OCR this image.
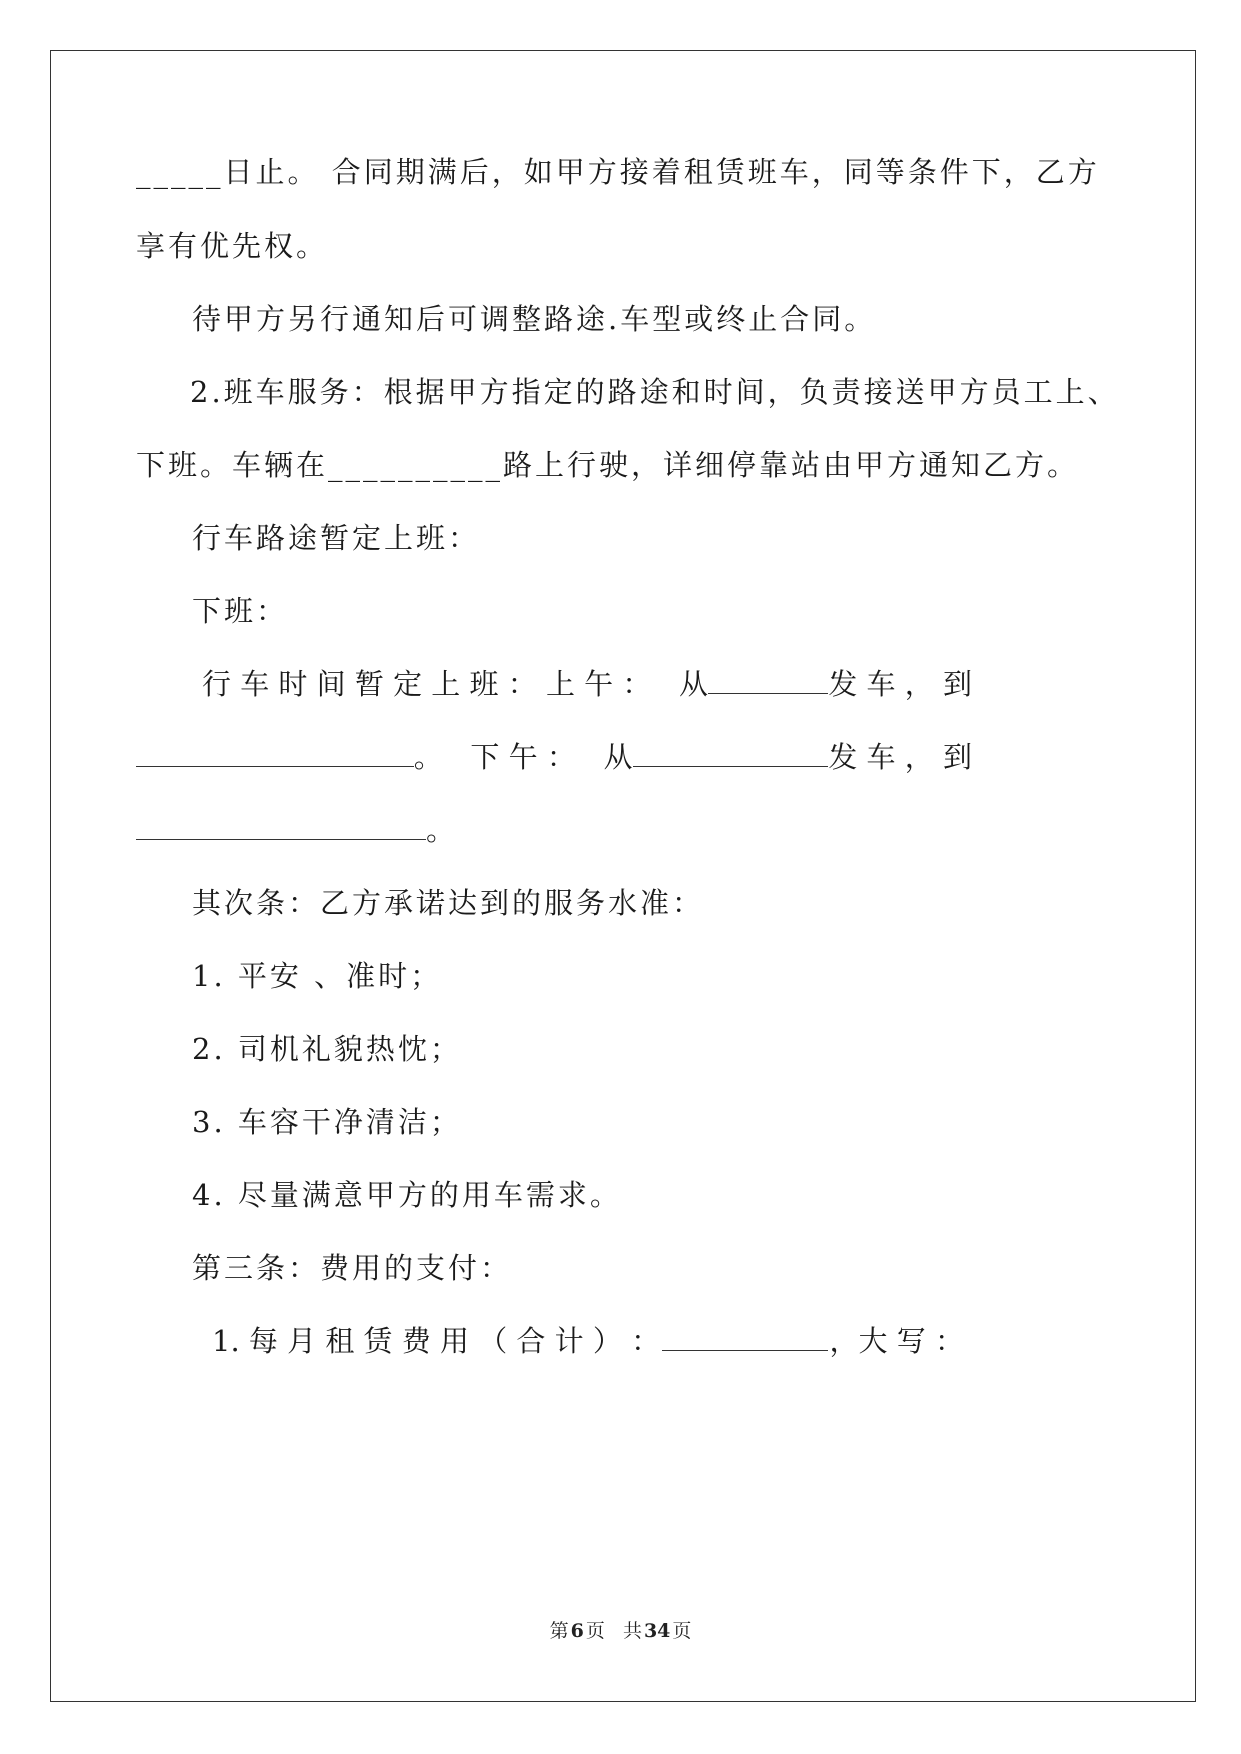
_____日止。 合同期满后，如甲方接着租赁班车，同等条件下，乙方
享有优先权。
待甲方另行通知后可调整路途.车型或终止合同。
2.班车服务：根据甲方指定的路途和时间，负责接送甲方员工上、
下班。车辆在__________路上行驶，详细停靠站由甲方通知乙方。
行车路途暂定上班：
下班：
行 车 时 间 暂 定 上 班 ： 上 午 ：   从	发 车 ， 到
。   下 午 ：   从	发 车 ， 到
。
其次条：乙方承诺达到的服务水准：
1. 平安 、准时；
2. 司机礼貌热忱；
3. 车容干净清洁；
4. 尽量满意甲方的用车需求。
第三条：费用的支付：
1. 每 月 租 赁 费 用 （ 合 计 ） ：	，大 写 ：
第 6 页   共 34 页
